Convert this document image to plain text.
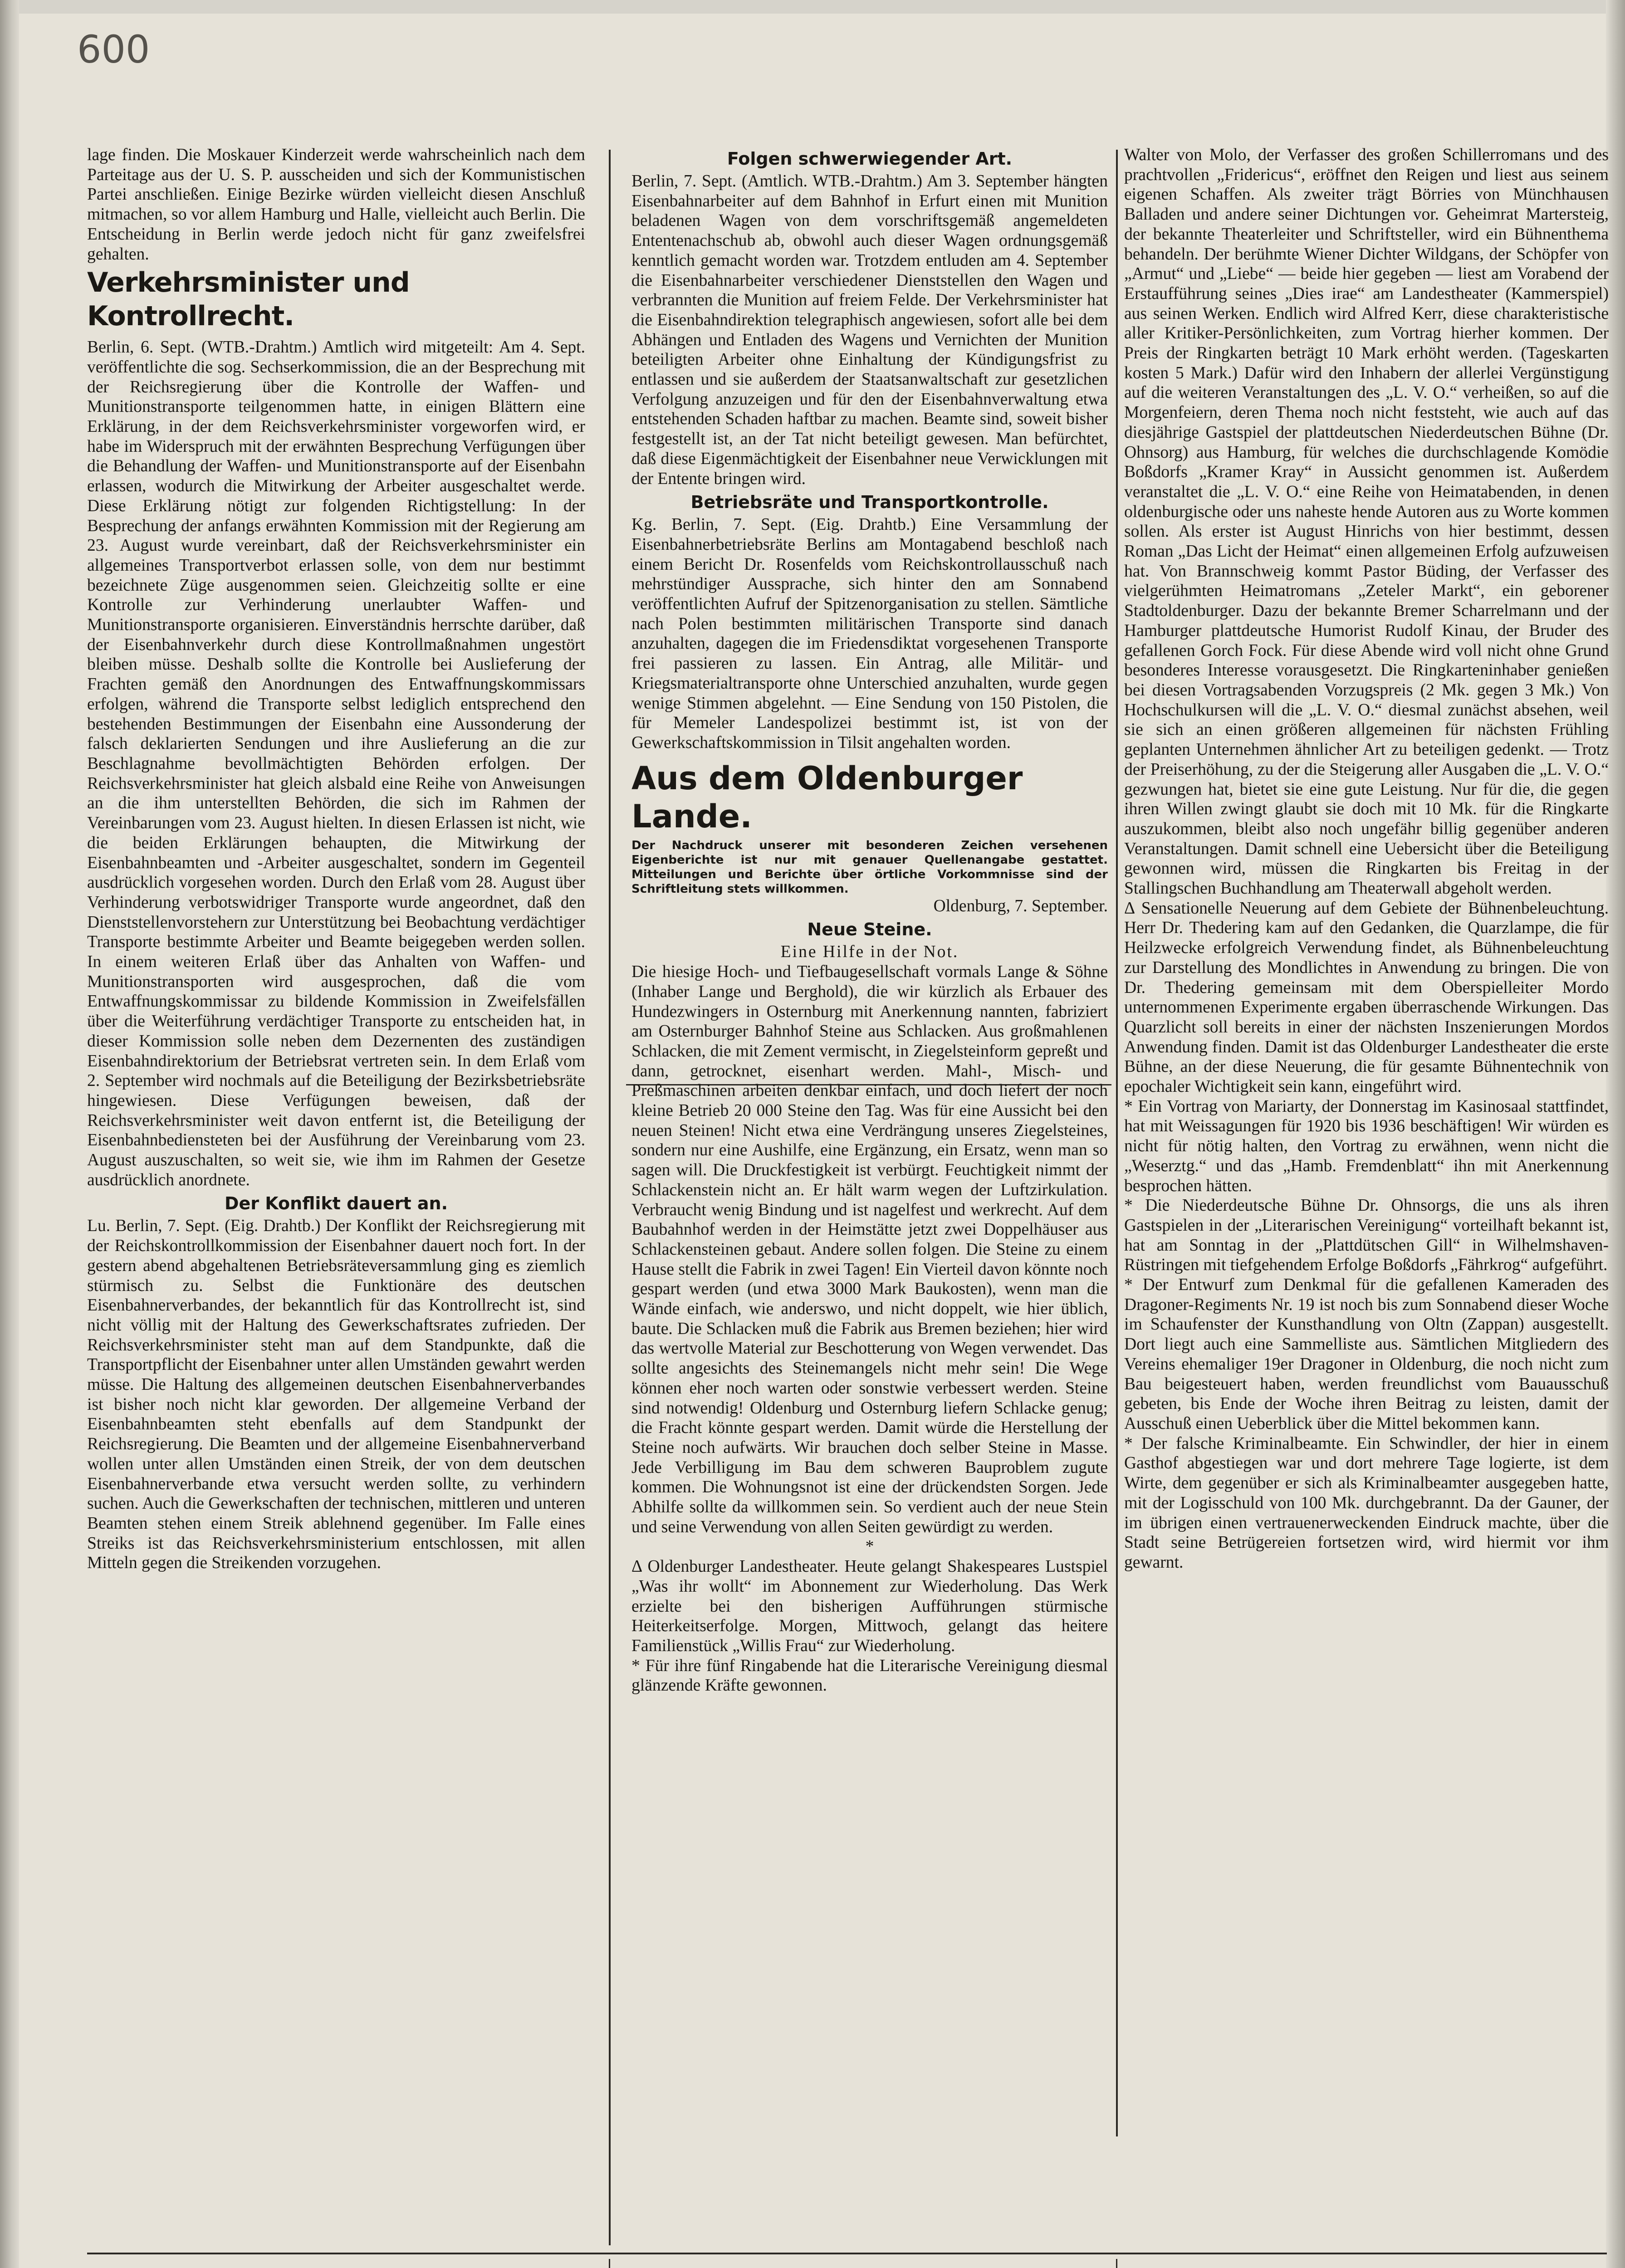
600

lage finden. Die Moskauer Kinderzeit werde wahrscheinlich nach dem Parteitage aus der U. S. P. ausscheiden und sich der Kommunistischen Partei anschließen. Einige Bezirke würden vielleicht diesen Anschluß mitmachen, so vor allem Hamburg und Halle, vielleicht auch Berlin. Die Entscheidung in Berlin werde jedoch nicht für ganz zweifelsfrei gehalten.

Verkehrsminister und Kontrollrecht.

Berlin, 6. Sept. (WTB.-Drahtm.) Amtlich wird mitgeteilt: Am 4. Sept. veröffentlichte die sog. Sechserkommission, die an der Besprechung mit der Reichsregierung über die Kontrolle der Waffen- und Munitionstransporte teilgenommen hatte, in einigen Blättern eine Erklärung, in der dem Reichsverkehrsminister vorgeworfen wird, er habe im Widerspruch mit der erwähnten Besprechung Verfügungen über die Behandlung der Waffen- und Munitionstransporte auf der Eisenbahn erlassen, wodurch die Mitwirkung der Arbeiter ausgeschaltet werde. Diese Erklärung nötigt zur folgenden Richtigstellung: In der Besprechung der anfangs erwähnten Kommission mit der Regierung am 23. August wurde vereinbart, daß der Reichsverkehrsminister ein allgemeines Transportverbot erlassen solle, von dem nur bestimmt bezeichnete Züge ausgenommen seien. Gleichzeitig sollte er eine Kontrolle zur Verhinderung unerlaubter Waffen- und Munitionstransporte organisieren. Einverständnis herrschte darüber, daß der Eisenbahnverkehr durch diese Kontrollmaßnahmen ungestört bleiben müsse. Deshalb sollte die Kontrolle bei Auslieferung der Frachten gemäß den Anordnungen des Entwaffnungskommissars erfolgen, während die Transporte selbst lediglich entsprechend den bestehenden Bestimmungen der Eisenbahn eine Aussonderung der falsch deklarierten Sendungen und ihre Auslieferung an die zur Beschlagnahme bevollmächtigten Behörden erfolgen. Der Reichsverkehrsminister hat gleich alsbald eine Reihe von Anweisungen an die ihm unterstellten Behörden, die sich im Rahmen der Vereinbarungen vom 23. August hielten. In diesen Erlassen ist nicht, wie die beiden Erklärungen behaupten, die Mitwirkung der Eisenbahnbeamten und -Arbeiter ausgeschaltet, sondern im Gegenteil ausdrücklich vorgesehen worden. Durch den Erlaß vom 28. August über Verhinderung verbotswidriger Transporte wurde angeordnet, daß den Dienststellenvorstehern zur Unterstützung bei Beobachtung verdächtiger Transporte bestimmte Arbeiter und Beamte beigegeben werden sollen. In einem weiteren Erlaß über das Anhalten von Waffen- und Munitionstransporten wird ausgesprochen, daß die vom Entwaffnungskommissar zu bildende Kommission in Zweifelsfällen über die Weiterführung verdächtiger Transporte zu entscheiden hat, in dieser Kommission solle neben dem Dezernenten des zuständigen Eisenbahndirektorium der Betriebsrat vertreten sein. In dem Erlaß vom 2. September wird nochmals auf die Beteiligung der Bezirksbetriebsräte hingewiesen. Diese Verfügungen beweisen, daß der Reichsverkehrsminister weit davon entfernt ist, die Beteiligung der Eisenbahnbediensteten bei der Ausführung der Vereinbarung vom 23. August auszuschalten, so weit sie, wie ihm im Rahmen der Gesetze ausdrücklich anordnete.

Der Konflikt dauert an.

Lu. Berlin, 7. Sept. (Eig. Drahtb.) Der Konflikt der Reichsregierung mit der Reichskontrollkommission der Eisenbahner dauert noch fort. In der gestern abend abgehaltenen Betriebsräteversammlung ging es ziemlich stürmisch zu. Selbst die Funktionäre des deutschen Eisenbahnerverbandes, der bekanntlich für das Kontrollrecht ist, sind nicht völlig mit der Haltung des Gewerkschaftsrates zufrieden. Der Reichsverkehrsminister steht man auf dem Standpunkte, daß die Transportpflicht der Eisenbahner unter allen Umständen gewahrt werden müsse. Die Haltung des allgemeinen deutschen Eisenbahnerverbandes ist bisher noch nicht klar geworden. Der allgemeine Verband der Eisenbahnbeamten steht ebenfalls auf dem Standpunkt der Reichsregierung. Die Beamten und der allgemeine Eisenbahnerverband wollen unter allen Umständen einen Streik, der von dem deutschen Eisenbahnerverbande etwa versucht werden sollte, zu verhindern suchen. Auch die Gewerkschaften der technischen, mittleren und unteren Beamten stehen einem Streik ablehnend gegenüber. Im Falle eines Streiks ist das Reichsverkehrsministerium entschlossen, mit allen Mitteln gegen die Streikenden vorzugehen.

Folgen schwerwiegender Art.

Berlin, 7. Sept. (Amtlich. WTB.-Drahtm.) Am 3. September hängten Eisenbahnarbeiter auf dem Bahnhof in Erfurt einen mit Munition beladenen Wagen von dem vorschriftsgemäß angemeldeten Ententenachschub ab, obwohl auch dieser Wagen ordnungsgemäß kenntlich gemacht worden war. Trotzdem entluden am 4. September die Eisenbahnarbeiter verschiedener Dienststellen den Wagen und verbrannten die Munition auf freiem Felde. Der Verkehrsminister hat die Eisenbahndirektion telegraphisch angewiesen, sofort alle bei dem Abhängen und Entladen des Wagens und Vernichten der Munition beteiligten Arbeiter ohne Einhaltung der Kündigungsfrist zu entlassen und sie außerdem der Staatsanwaltschaft zur gesetzlichen Verfolgung anzuzeigen und für den der Eisenbahnverwaltung etwa entstehenden Schaden haftbar zu machen. Beamte sind, soweit bisher festgestellt ist, an der Tat nicht beteiligt gewesen. Man befürchtet, daß diese Eigenmächtigkeit der Eisenbahner neue Verwicklungen mit der Entente bringen wird.

Betriebsräte und Transportkontrolle.

Kg. Berlin, 7. Sept. (Eig. Drahtb.) Eine Versammlung der Eisenbahnerbetriebsräte Berlins am Montagabend beschloß nach einem Bericht Dr. Rosenfelds vom Reichskontrollausschuß nach mehrstündiger Aussprache, sich hinter den am Sonnabend veröffentlichten Aufruf der Spitzenorganisation zu stellen. Sämtliche nach Polen bestimmten militärischen Transporte sind danach anzuhalten, dagegen die im Friedensdiktat vorgesehenen Transporte frei passieren zu lassen. Ein Antrag, alle Militär- und Kriegsmaterialtransporte ohne Unterschied anzuhalten, wurde gegen wenige Stimmen abgelehnt. — Eine Sendung von 150 Pistolen, die für Memeler Landespolizei bestimmt ist, ist von der Gewerkschaftskommission in Tilsit angehalten worden.

Aus dem Oldenburger Lande.

Der Nachdruck unserer mit besonderen Zeichen versehenen Eigenberichte ist nur mit genauer Quellenangabe gestattet. Mitteilungen und Berichte über örtliche Vorkommnisse sind der Schriftleitung stets willkommen.

Oldenburg, 7. September.

Neue Steine.

Eine Hilfe in der Not.

Die hiesige Hoch- und Tiefbaugesellschaft vormals Lange & Söhne (Inhaber Lange und Berghold), die wir kürzlich als Erbauer des Hundezwingers in Osternburg mit Anerkennung nannten, fabriziert am Osternburger Bahnhof Steine aus Schlacken. Aus großmahlenen Schlacken, die mit Zement vermischt, in Ziegelsteinform gepreßt und dann, getrocknet, eisenhart werden. Mahl-, Misch- und Preßmaschinen arbeiten denkbar einfach, und doch liefert der noch kleine Betrieb 20 000 Steine den Tag. Was für eine Aussicht bei den neuen Steinen! Nicht etwa eine Verdrängung unseres Ziegelsteines, sondern nur eine Aushilfe, eine Ergänzung, ein Ersatz, wenn man so sagen will. Die Druckfestigkeit ist verbürgt. Feuchtigkeit nimmt der Schlackenstein nicht an. Er hält warm wegen der Luftzirkulation. Verbraucht wenig Bindung und ist nagelfest und werkrecht. Auf dem Baubahnhof werden in der Heimstätte jetzt zwei Doppelhäuser aus Schlackensteinen gebaut. Andere sollen folgen. Die Steine zu einem Hause stellt die Fabrik in zwei Tagen! Ein Vierteil davon könnte noch gespart werden (und etwa 3000 Mark Baukosten), wenn man die Wände einfach, wie anderswo, und nicht doppelt, wie hier üblich, baute. Die Schlacken muß die Fabrik aus Bremen beziehen; hier wird das wertvolle Material zur Beschotterung von Wegen verwendet. Das sollte angesichts des Steinemangels nicht mehr sein! Die Wege können eher noch warten oder sonstwie verbessert werden. Steine sind notwendig! Oldenburg und Osternburg liefern Schlacke genug; die Fracht könnte gespart werden. Damit würde die Herstellung der Steine noch aufwärts. Wir brauchen doch selber Steine in Masse. Jede Verbilligung im Bau dem schweren Bauproblem zugute kommen. Die Wohnungsnot ist eine der drückendsten Sorgen. Jede Abhilfe sollte da willkommen sein. So verdient auch der neue Stein und seine Verwendung von allen Seiten gewürdigt zu werden.

*

Δ Oldenburger Landestheater. Heute gelangt Shakespeares Lustspiel „Was ihr wollt“ im Abonnement zur Wiederholung. Das Werk erzielte bei den bisherigen Aufführungen stürmische Heiterkeitserfolge. Morgen, Mittwoch, gelangt das heitere Familienstück „Willis Frau“ zur Wiederholung.

* Für ihre fünf Ringabende hat die Literarische Vereinigung diesmal glänzende Kräfte gewonnen.

Walter von Molo, der Verfasser des großen Schillerromans und des prachtvollen „Fridericus“, eröffnet den Reigen und liest aus seinem eigenen Schaffen. Als zweiter trägt Börries von Münchhausen Balladen und andere seiner Dichtungen vor. Geheimrat Martersteig, der bekannte Theaterleiter und Schriftsteller, wird ein Bühnenthema behandeln. Der berühmte Wiener Dichter Wildgans, der Schöpfer von „Armut“ und „Liebe“ — beide hier gegeben — liest am Vorabend der Erstaufführung seines „Dies irae“ am Landestheater (Kammerspiel) aus seinen Werken. Endlich wird Alfred Kerr, diese charakteristische aller Kritiker-Persönlichkeiten, zum Vortrag hierher kommen. Der Preis der Ringkarten beträgt 10 Mark erhöht werden. (Tageskarten kosten 5 Mark.) Dafür wird den Inhabern der allerlei Vergünstigung auf die weiteren Veranstaltungen des „L. V. O.“ verheißen, so auf die Morgenfeiern, deren Thema noch nicht feststeht, wie auch auf das diesjährige Gastspiel der plattdeutschen Niederdeutschen Bühne (Dr. Ohnsorg) aus Hamburg, für welches die durchschlagende Komödie Boßdorfs „Kramer Kray“ in Aussicht genommen ist. Außerdem veranstaltet die „L. V. O.“ eine Reihe von Heimatabenden, in denen oldenburgische oder uns naheste hende Autoren aus zu Worte kommen sollen. Als erster ist August Hinrichs von hier bestimmt, dessen Roman „Das Licht der Heimat“ einen allgemeinen Erfolg aufzuweisen hat. Von Brannschweig kommt Pastor Büding, der Verfasser des vielgerühmten Heimatromans „Zeteler Markt“, ein geborener Stadtoldenburger. Dazu der bekannte Bremer Scharrelmann und der Hamburger plattdeutsche Humorist Rudolf Kinau, der Bruder des gefallenen Gorch Fock. Für diese Abende wird voll nicht ohne Grund besonderes Interesse vorausgesetzt. Die Ringkarteninhaber genießen bei diesen Vortragsabenden Vorzugspreis (2 Mk. gegen 3 Mk.) Von Hochschulkursen will die „L. V. O.“ diesmal zunächst absehen, weil sie sich an einen größeren allgemeinen für nächsten Frühling geplanten Unternehmen ähnlicher Art zu beteiligen gedenkt. — Trotz der Preiserhöhung, zu der die Steigerung aller Ausgaben die „L. V. O.“ gezwungen hat, bietet sie eine gute Leistung. Nur für die, die gegen ihren Willen zwingt glaubt sie doch mit 10 Mk. für die Ringkarte auszukommen, bleibt also noch ungefähr billig gegenüber anderen Veranstaltungen. Damit schnell eine Uebersicht über die Beteiligung gewonnen wird, müssen die Ringkarten bis Freitag in der Stallingschen Buchhandlung am Theaterwall abgeholt werden.

Δ Sensationelle Neuerung auf dem Gebiete der Bühnenbeleuchtung. Herr Dr. Thedering kam auf den Gedanken, die Quarzlampe, die für Heilzwecke erfolgreich Verwendung findet, als Bühnenbeleuchtung zur Darstellung des Mondlichtes in Anwendung zu bringen. Die von Dr. Thedering gemeinsam mit dem Oberspielleiter Mordo unternommenen Experimente ergaben überraschende Wirkungen. Das Quarzlicht soll bereits in einer der nächsten Inszenierungen Mordos Anwendung finden. Damit ist das Oldenburger Landestheater die erste Bühne, an der diese Neuerung, die für gesamte Bühnentechnik von epochaler Wichtigkeit sein kann, eingeführt wird.

* Ein Vortrag von Mariarty, der Donnerstag im Kasinosaal stattfindet, hat mit Weissagungen für 1920 bis 1936 beschäftigen! Wir würden es nicht für nötig halten, den Vortrag zu erwähnen, wenn nicht die „Weserztg.“ und das „Hamb. Fremdenblatt“ ihn mit Anerkennung besprochen hätten.

* Die Niederdeutsche Bühne Dr. Ohnsorgs, die uns als ihren Gastspielen in der „Literarischen Vereinigung“ vorteilhaft bekannt ist, hat am Sonntag in der „Plattdütschen Gill“ in Wilhelmshaven-Rüstringen mit tiefgehendem Erfolge Boßdorfs „Fährkrog“ aufgeführt.

* Der Entwurf zum Denkmal für die gefallenen Kameraden des Dragoner-Regiments Nr. 19 ist noch bis zum Sonnabend dieser Woche im Schaufenster der Kunsthandlung von Oltn (Zappan) ausgestellt. Dort liegt auch eine Sammelliste aus. Sämtlichen Mitgliedern des Vereins ehemaliger 19er Dragoner in Oldenburg, die noch nicht zum Bau beigesteuert haben, werden freundlichst vom Bauausschuß gebeten, bis Ende der Woche ihren Beitrag zu leisten, damit der Ausschuß einen Ueberblick über die Mittel bekommen kann.

* Der falsche Kriminalbeamte. Ein Schwindler, der hier in einem Gasthof abgestiegen war und dort mehrere Tage logierte, ist dem Wirte, dem gegenüber er sich als Kriminalbeamter ausgegeben hatte, mit der Logisschuld von 100 Mk. durchgebrannt. Da der Gauner, der im übrigen einen vertrauenerweckenden Eindruck machte, über die Stadt seine Betrügereien fortsetzen wird, wird hiermit vor ihm gewarnt.
